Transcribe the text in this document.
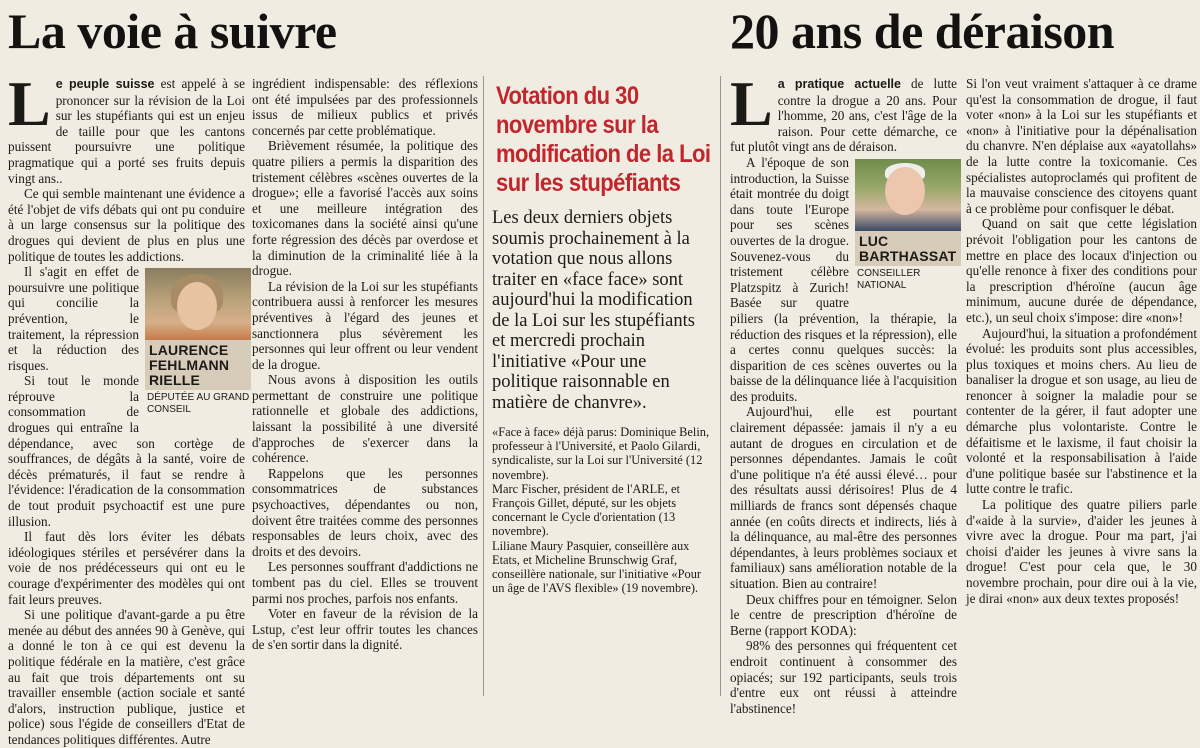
La voie à suivre	20 ans de déraison

Le peuple suisse est appelé à se prononcer sur la révision de la Loi sur les stupéfiants qui est un enjeu de taille pour que les cantons puissent poursuivre une politique pragmatique qui a porté ses fruits depuis vingt ans..

Ce qui semble maintenant une évidence a été l'objet de vifs débats qui ont pu conduire à un large consensus sur la politique des drogues qui devient de plus en plus une politique de toutes les addictions.

LAURENCE FEHLMANN RIELLE
DÉPUTÉE AU GRAND CONSEIL

Il s'agit en effet de poursuivre une politique qui concilie la prévention, le traitement, la répression et la réduction des risques.

Si tout le monde réprouve la consommation de drogues qui entraîne la dépendance, avec son cortège de souffrances, de dégâts à la santé, voire de décès prématurés, il faut se rendre à l'évidence: l'éradication de la consommation de tout produit psychoactif est une pure illusion.

Il faut dès lors éviter les débats idéologiques stériles et persévérer dans la voie de nos prédécesseurs qui ont eu le courage d'expérimenter des modèles qui ont fait leurs preuves.

Si une politique d'avant-garde a pu être menée au début des années 90 à Genève, qui a donné le ton à ce qui est devenu la politique fédérale en la matière, c'est grâce au fait que trois départements ont su travailler ensemble (action sociale et santé d'alors, instruction publique, justice et police) sous l'égide de conseillers d'Etat de tendances politiques différentes. Autre

ingrédient indispensable: des réflexions ont été impulsées par des professionnels issus de milieux publics et privés concernés par cette problématique.

Brièvement résumée, la politique des quatre piliers a permis la disparition des tristement célèbres «scènes ouvertes de la drogue»; elle a favorisé l'accès aux soins et une meilleure intégration des toxicomanes dans la société ainsi qu'une forte régression des décès par overdose et la diminution de la criminalité liée à la drogue.

La révision de la Loi sur les stupéfiants contribuera aussi à renforcer les mesures préventives à l'égard des jeunes et sanctionnera plus sévèrement les personnes qui leur offrent ou leur vendent de la drogue.

Nous avons à disposition les outils permettant de construire une politique rationnelle et globale des addictions, laissant la possibilité à une diversité d'approches de s'exercer dans la cohérence.

Rappelons que les personnes consommatrices de substances psychoactives, dépendantes ou non, doivent être traitées comme des personnes responsables de leurs choix, avec des droits et des devoirs.

Les personnes souffrant d'addictions ne tombent pas du ciel. Elles se trouvent parmi nos proches, parfois nos enfants.

Voter en faveur de la révision de la Lstup, c'est leur offrir toutes les chances de s'en sortir dans la dignité.

Votation du 30 novembre sur la modification de la Loi sur les stupéfiants

Les deux derniers objets soumis prochainement à la votation que nous allons traiter en «face face» sont aujourd'hui la modification de la Loi sur les stupéfiants et mercredi prochain l'initiative «Pour une politique raisonnable en matière de chanvre».

«Face à face» déjà parus: Dominique Belin, professeur à l'Université, et Paolo Gilardi, syndicaliste, sur la Loi sur l'Université (12 novembre).

Marc Fischer, président de l'ARLE, et François Gillet, député, sur les objets concernant le Cycle d'orientation (13 novembre).

Liliane Maury Pasquier, conseillère aux Etats, et Micheline Brunschwig Graf, conseillère nationale, sur l'initiative «Pour un âge de l'AVS flexible» (19 novembre).

La pratique actuelle de lutte contre la drogue a 20 ans. Pour l'homme, 20 ans, c'est l'âge de la raison. Pour cette démarche, ce fut plutôt vingt ans de déraison.

LUC BARTHASSAT
CONSEILLER NATIONAL

A l'époque de son introduction, la Suisse était montrée du doigt dans toute l'Europe pour ses scènes ouvertes de la drogue. Souvenez-vous du tristement célèbre Platzspitz à Zurich! Basée sur quatre piliers (la prévention, la thérapie, la réduction des risques et la répression), elle a certes connu quelques succès: la disparition de ces scènes ouvertes ou la baisse de la délinquance liée à l'acquisition des produits.

Aujourd'hui, elle est pourtant clairement dépassée: jamais il n'y a eu autant de drogues en circulation et de personnes dépendantes. Jamais le coût d'une politique n'a été aussi élevé… pour des résultats aussi dérisoires! Plus de 4 milliards de francs sont dépensés chaque année (en coûts directs et indirects, liés à la délinquance, au mal-être des personnes dépendantes, à leurs problèmes sociaux et familiaux) sans amélioration notable de la situation. Bien au contraire!

Deux chiffres pour en témoigner. Selon le centre de prescription d'héroïne de Berne (rapport KODA):

98% des personnes qui fréquentent cet endroit continuent à consommer des opiacés; sur 192 participants, seuls trois d'entre eux ont réussi à atteindre l'abstinence!

Si l'on veut vraiment s'attaquer à ce drame qu'est la consommation de drogue, il faut voter «non» à la Loi sur les stupéfiants et «non» à l'initiative pour la dépénalisation du chanvre. N'en déplaise aux «ayatollahs» de la lutte contre la toxicomanie. Ces spécialistes autoproclamés qui profitent de la mauvaise conscience des citoyens quant à ce problème pour confisquer le débat.

Quand on sait que cette législation prévoit l'obligation pour les cantons de mettre en place des locaux d'injection ou qu'elle renonce à fixer des conditions pour la prescription d'héroïne (aucun âge minimum, aucune durée de dépendance, etc.), un seul choix s'impose: dire «non»!

Aujourd'hui, la situation a profondément évolué: les produits sont plus accessibles, plus toxiques et moins chers. Au lieu de banaliser la drogue et son usage, au lieu de renoncer à soigner la maladie pour se contenter de la gérer, il faut adopter une démarche plus volontariste. Contre le défaitisme et le laxisme, il faut choisir la volonté et la responsabilisation à l'aide d'une politique basée sur l'abstinence et la lutte contre le trafic.

La politique des quatre piliers parle d'«aide à la survie», d'aider les jeunes à vivre avec la drogue. Pour ma part, j'ai choisi d'aider les jeunes à vivre sans la drogue! C'est pour cela que, le 30 novembre prochain, pour dire oui à la vie, je dirai «non» aux deux textes proposés!
